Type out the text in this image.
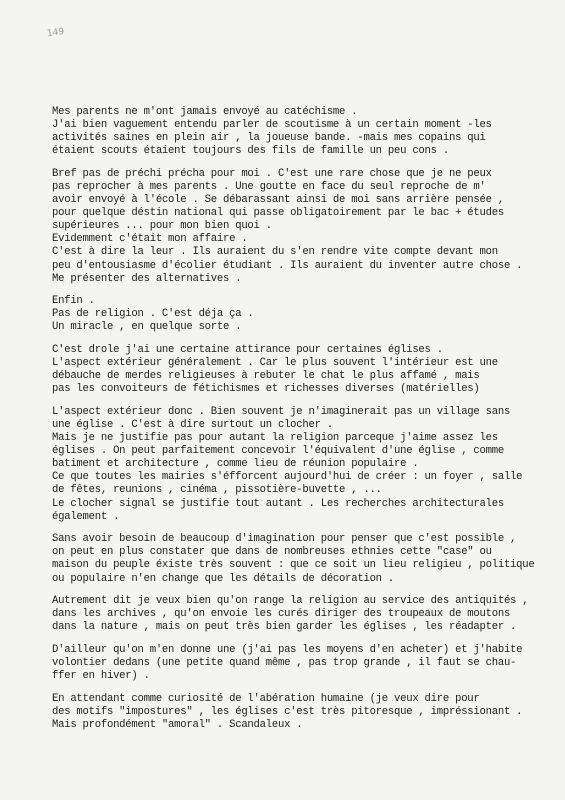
149
Mes parents ne m'ont jamais envoyé au catéchisme .
J'ai bien vaguement entendu parler de scoutisme à un certain moment -les
activités saines en plein air , la joueuse bande. -mais mes copains qui
étaient scouts étaient toujours des fils de famille un peu cons .
Bref pas de préchi précha pour moi . C'est une rare chose que je ne peux
pas reprocher à mes parents . Une goutte en face du seul reproche de m'
avoir envoyé à l'école . Se débarassant ainsi de moi sans arrière pensée ,
pour quelque déstin national qui passe obligatoirement par le bac + études
supérieures ... pour mon bien quoi .
Evidemment c'était mon affaire .
C'est à dire la leur . Ils auraient du s'en rendre vite compte devant mon
peu d'entousiasme d'écolier étudiant . Ils auraient du inventer autre chose .
Me présenter des alternatives .
Enfin .
Pas de religion . C'est déja ça .
Un miracle , en quelque sorte .
C'est drole j'ai une certaine attirance pour certaines églises .
L'aspect extérieur généralement . Car le plus souvent l'intérieur est une
débauche de merdes religieuses à rebuter le chat le plus affamé , mais
pas les convoiteurs de fétichismes et richesses diverses (matérielles)
L'aspect extérieur donc . Bien souvent je n'imaginerait pas un village sans
une église . C'est à dire surtout un clocher .
Mais je ne justifie pas pour autant la religion parceque j'aime assez les
églises . On peut parfaitement concevoir l'équivalent d'une église , comme
batiment et architecture , comme lieu de réunion populaire .
Ce que toutes les mairies s'éfforcent aujourd'hui de créer : un foyer , salle
de fêtes, reunions , cinéma , pissotière-buvette , ...
Le clocher signal se justifie tout autant . Les recherches architecturales
également .
Sans avoir besoin de beaucoup d'imagination pour penser que c'est possible ,
on peut en plus constater que dans de nombreuses ethnies cette "case" ou
maison du peuple éxiste très souvent : que ce soit un lieu religieu , politique
ou populaire n'en change que les détails de décoration .
Autrement dit je veux bien qu'on range la religion au service des antiquités ,
dans les archives , qu'on envoie les curés diriger des troupeaux de moutons
dans la nature , mais on peut très bien garder les églises , les réadapter .
D'ailleur qu'on m'en donne une (j'ai pas les moyens d'en acheter) et j'habite
volontier dedans (une petite quand même , pas trop grande , il faut se chau-
ffer en hiver) .
En attendant comme curiosité de l'abération humaine (je veux dire pour
des motifs "impostures" , les églises c'est très pitoresque , impréssionant .
Mais profondément "amoral" . Scandaleux .
